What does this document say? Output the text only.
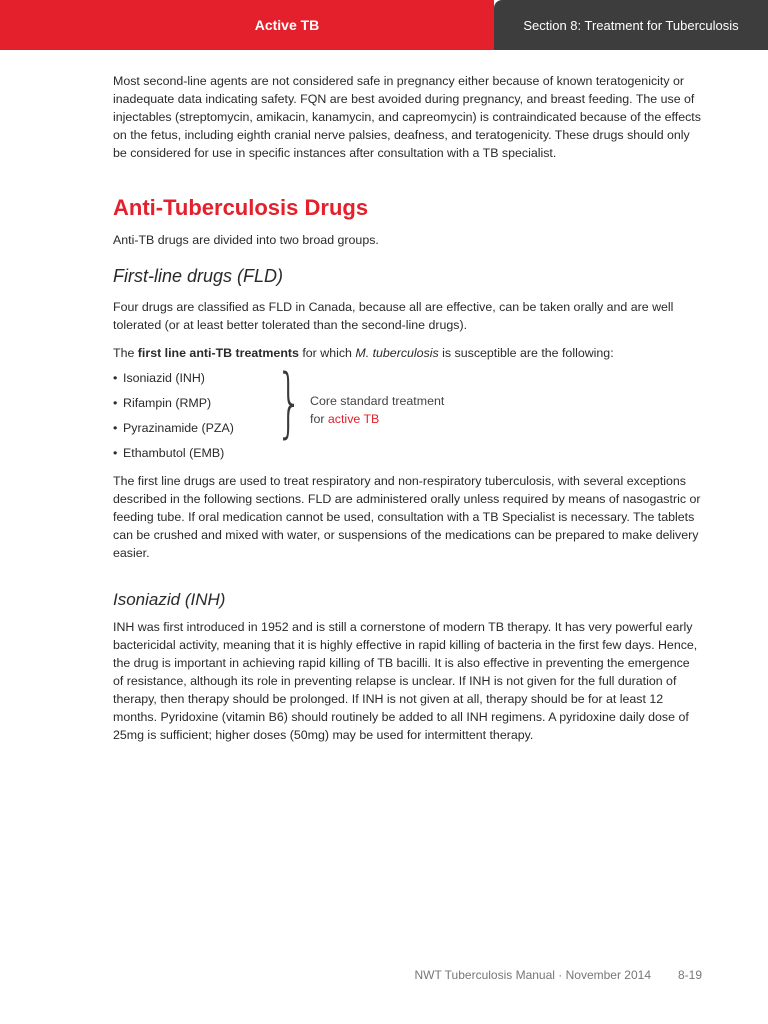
Active TB	Section 8: Treatment for Tuberculosis

Most second-line agents are not considered safe in pregnancy either because of known teratogenicity or inadequate data indicating safety. FQN are best avoided during pregnancy, and breast feeding. The use of injectables (streptomycin, amikacin, kanamycin, and capreomycin) is contraindicated because of the effects on the fetus, including eighth cranial nerve palsies, deafness, and teratogenicity. These drugs should only be considered for use in specific instances after consultation with a TB specialist.

Anti-Tuberculosis Drugs

Anti-TB drugs are divided into two broad groups.

First-line drugs (FLD)

Four drugs are classified as FLD in Canada, because all are effective, can be taken orally and are well tolerated (or at least better tolerated than the second-line drugs).

The first line anti-TB treatments for which M. tuberculosis is susceptible are the following:

• Isoniazid (INH)
• Rifampin (RMP)
• Pyrazinamide (PZA)
• Ethambutol (EMB)
} Core standard treatment
for active TB

The first line drugs are used to treat respiratory and non-respiratory tuberculosis, with several exceptions described in the following sections. FLD are administered orally unless required by means of nasogastric or feeding tube. If oral medication cannot be used, consultation with a TB Specialist is necessary. The tablets can be crushed and mixed with water, or suspensions of the medications can be prepared to make delivery easier.

Isoniazid (INH)

INH was first introduced in 1952 and is still a cornerstone of modern TB therapy. It has very powerful early bactericidal activity, meaning that it is highly effective in rapid killing of bacteria in the first few days. Hence, the drug is important in achieving rapid killing of TB bacilli. It is also effective in preventing the emergence of resistance, although its role in preventing relapse is unclear. If INH is not given for the full duration of therapy, then therapy should be prolonged. If INH is not given at all, therapy should be for at least 12 months. Pyridoxine (vitamin B6) should routinely be added to all INH regimens. A pyridoxine daily dose of 25mg is sufficient; higher doses (50mg) may be used for intermittent therapy.

NWT Tuberculosis Manual · November 2014 8-19
